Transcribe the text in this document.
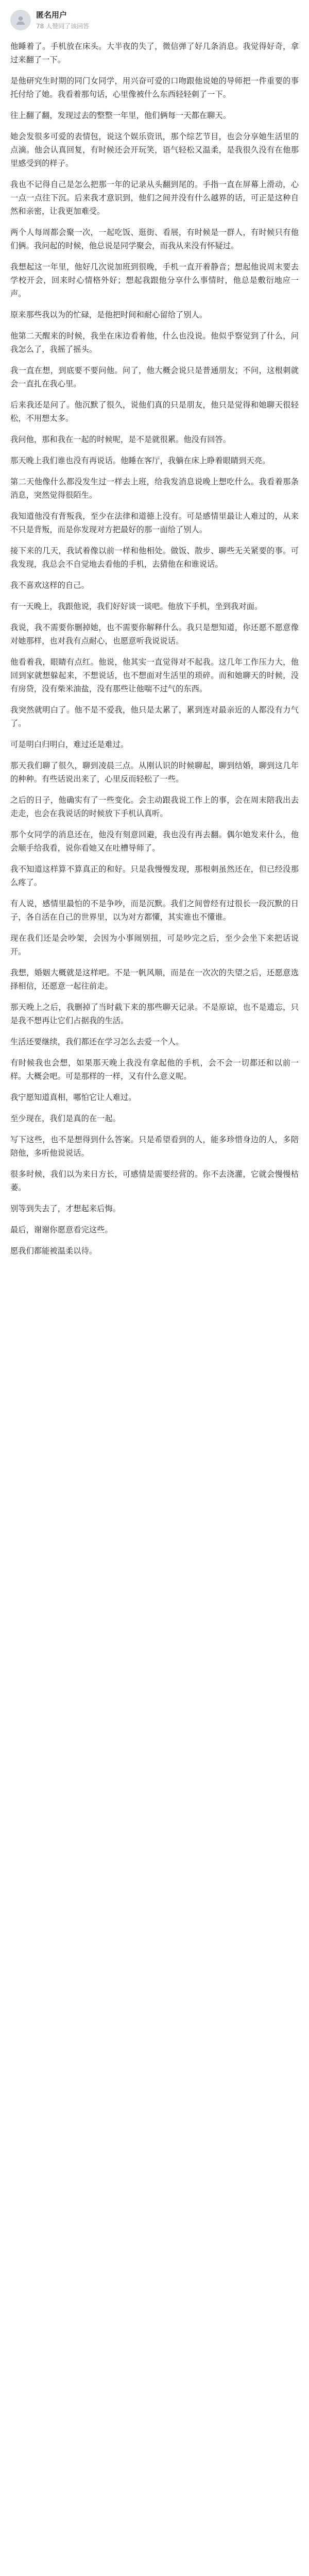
匿名用户
78 人赞同了该回答

他睡着了。手机放在床头。大半夜的失了，微信弹了好几条消息。我觉得好奇，拿过来翻了一下。

是他研究生时期的同门女同学，用兴奋可爱的口吻跟他说她的导师把一件重要的事托付给了她。我看着那句话，心里像被什么东西轻轻刺了一下。

往上翻了翻，发现过去的整整一年里，他们俩每一天都在聊天。

她会发很多可爱的表情包，说这个娱乐资讯，那个综艺节目，也会分享她生活里的点滴。他会认真回复，有时候还会开玩笑，语气轻松又温柔，是我很久没有在他那里感受到的样子。

我也不记得自己是怎么把那一年的记录从头翻到尾的。手指一直在屏幕上滑动，心一点一点往下沉。后来我才意识到，他们之间并没有什么越界的话，可正是这种自然和亲密，让我更加难受。

两个人每周都会聚一次，一起吃饭、逛街、看展，有时候是一群人，有时候只有他们俩。我问起的时候，他总说是同学聚会，而我从来没有怀疑过。

我想起这一年里，他好几次说加班到很晚，手机一直开着静音；想起他说周末要去学校开会，回来时心情格外好；想起我跟他分享什么事情时，他总是敷衍地应一声。

原来那些我以为的忙碌，是他把时间和耐心留给了别人。

他第二天醒来的时候，我坐在床边看着他，什么也没说。他似乎察觉到了什么，问我怎么了，我摇了摇头。

我一直在想，到底要不要问他。问了，他大概会说只是普通朋友；不问，这根刺就会一直扎在我心里。

后来我还是问了。他沉默了很久，说他们真的只是朋友，他只是觉得和她聊天很轻松，不用想太多。

我问他，那和我在一起的时候呢，是不是就很累。他没有回答。

那天晚上我们谁也没有再说话。他睡在客厅，我躺在床上睁着眼睛到天亮。

第二天他像什么都没发生过一样去上班，给我发消息说晚上想吃什么。我看着那条消息，突然觉得很陌生。

我知道他没有背叛我，至少在法律和道德上没有。可是感情里最让人难过的，从来不只是背叛，而是你发现对方把最好的那一面给了别人。

接下来的几天，我试着像以前一样和他相处。做饭、散步、聊些无关紧要的事。可我发现，我总会不自觉地去看他的手机，去猜他在和谁说话。

我不喜欢这样的自己。

有一天晚上，我跟他说，我们好好谈一谈吧。他放下手机，坐到我对面。

我说，我不需要你删掉她，也不需要你解释什么。我只是想知道，你还愿不愿意像对她那样，也对我有点耐心，也愿意听我说说话。

他看着我，眼睛有点红。他说，他其实一直觉得对不起我。这几年工作压力大，他回到家就想躲起来，不想说话，也不想面对生活里的琐碎。而和她聊天的时候，没有房贷，没有柴米油盐，没有那些让他喘不过气的东西。

我突然就明白了。他不是不爱我，他只是太累了，累到连对最亲近的人都没有力气了。

可是明白归明白，难过还是难过。

那天我们聊了很久，聊到凌晨三点。从刚认识的时候聊起，聊到结婚，聊到这几年的种种。有些话说出来了，心里反而轻松了一些。

之后的日子，他确实有了一些变化。会主动跟我说工作上的事，会在周末陪我出去走走，也会在我说话的时候放下手机认真听。

那个女同学的消息还在，他没有刻意回避，我也没有再去翻。偶尔她发来什么，他会顺手给我看，说你看她又在吐槽导师了。

我不知道这样算不算真正的和好。只是我慢慢发现，那根刺虽然还在，但已经没那么疼了。

有人说，感情里最怕的不是争吵，而是沉默。我们之间曾经有过很长一段沉默的日子，各自活在自己的世界里，以为对方都懂，其实谁也不懂谁。

现在我们还是会吵架，会因为小事闹别扭，可是吵完之后，至少会坐下来把话说开。

我想，婚姻大概就是这样吧。不是一帆风顺，而是在一次次的失望之后，还愿意选择相信，还愿意一起往前走。

那天晚上之后，我删掉了当时截下来的那些聊天记录。不是原谅，也不是遗忘，只是我不想再让它们占据我的生活。

生活还要继续，我们都还在学习怎么去爱一个人。

有时候我也会想，如果那天晚上我没有拿起他的手机，会不会一切都还和以前一样。大概会吧。可是那样的一样，又有什么意义呢。

我宁愿知道真相，哪怕它让人难过。

至少现在，我们是真的在一起。

写下这些，也不是想得到什么答案。只是希望看到的人，能多珍惜身边的人，多陪陪他，多听他说说话。

很多时候，我们以为来日方长，可感情是需要经营的。你不去浇灌，它就会慢慢枯萎。

别等到失去了，才想起来后悔。

最后，谢谢你愿意看完这些。

愿我们都能被温柔以待。
